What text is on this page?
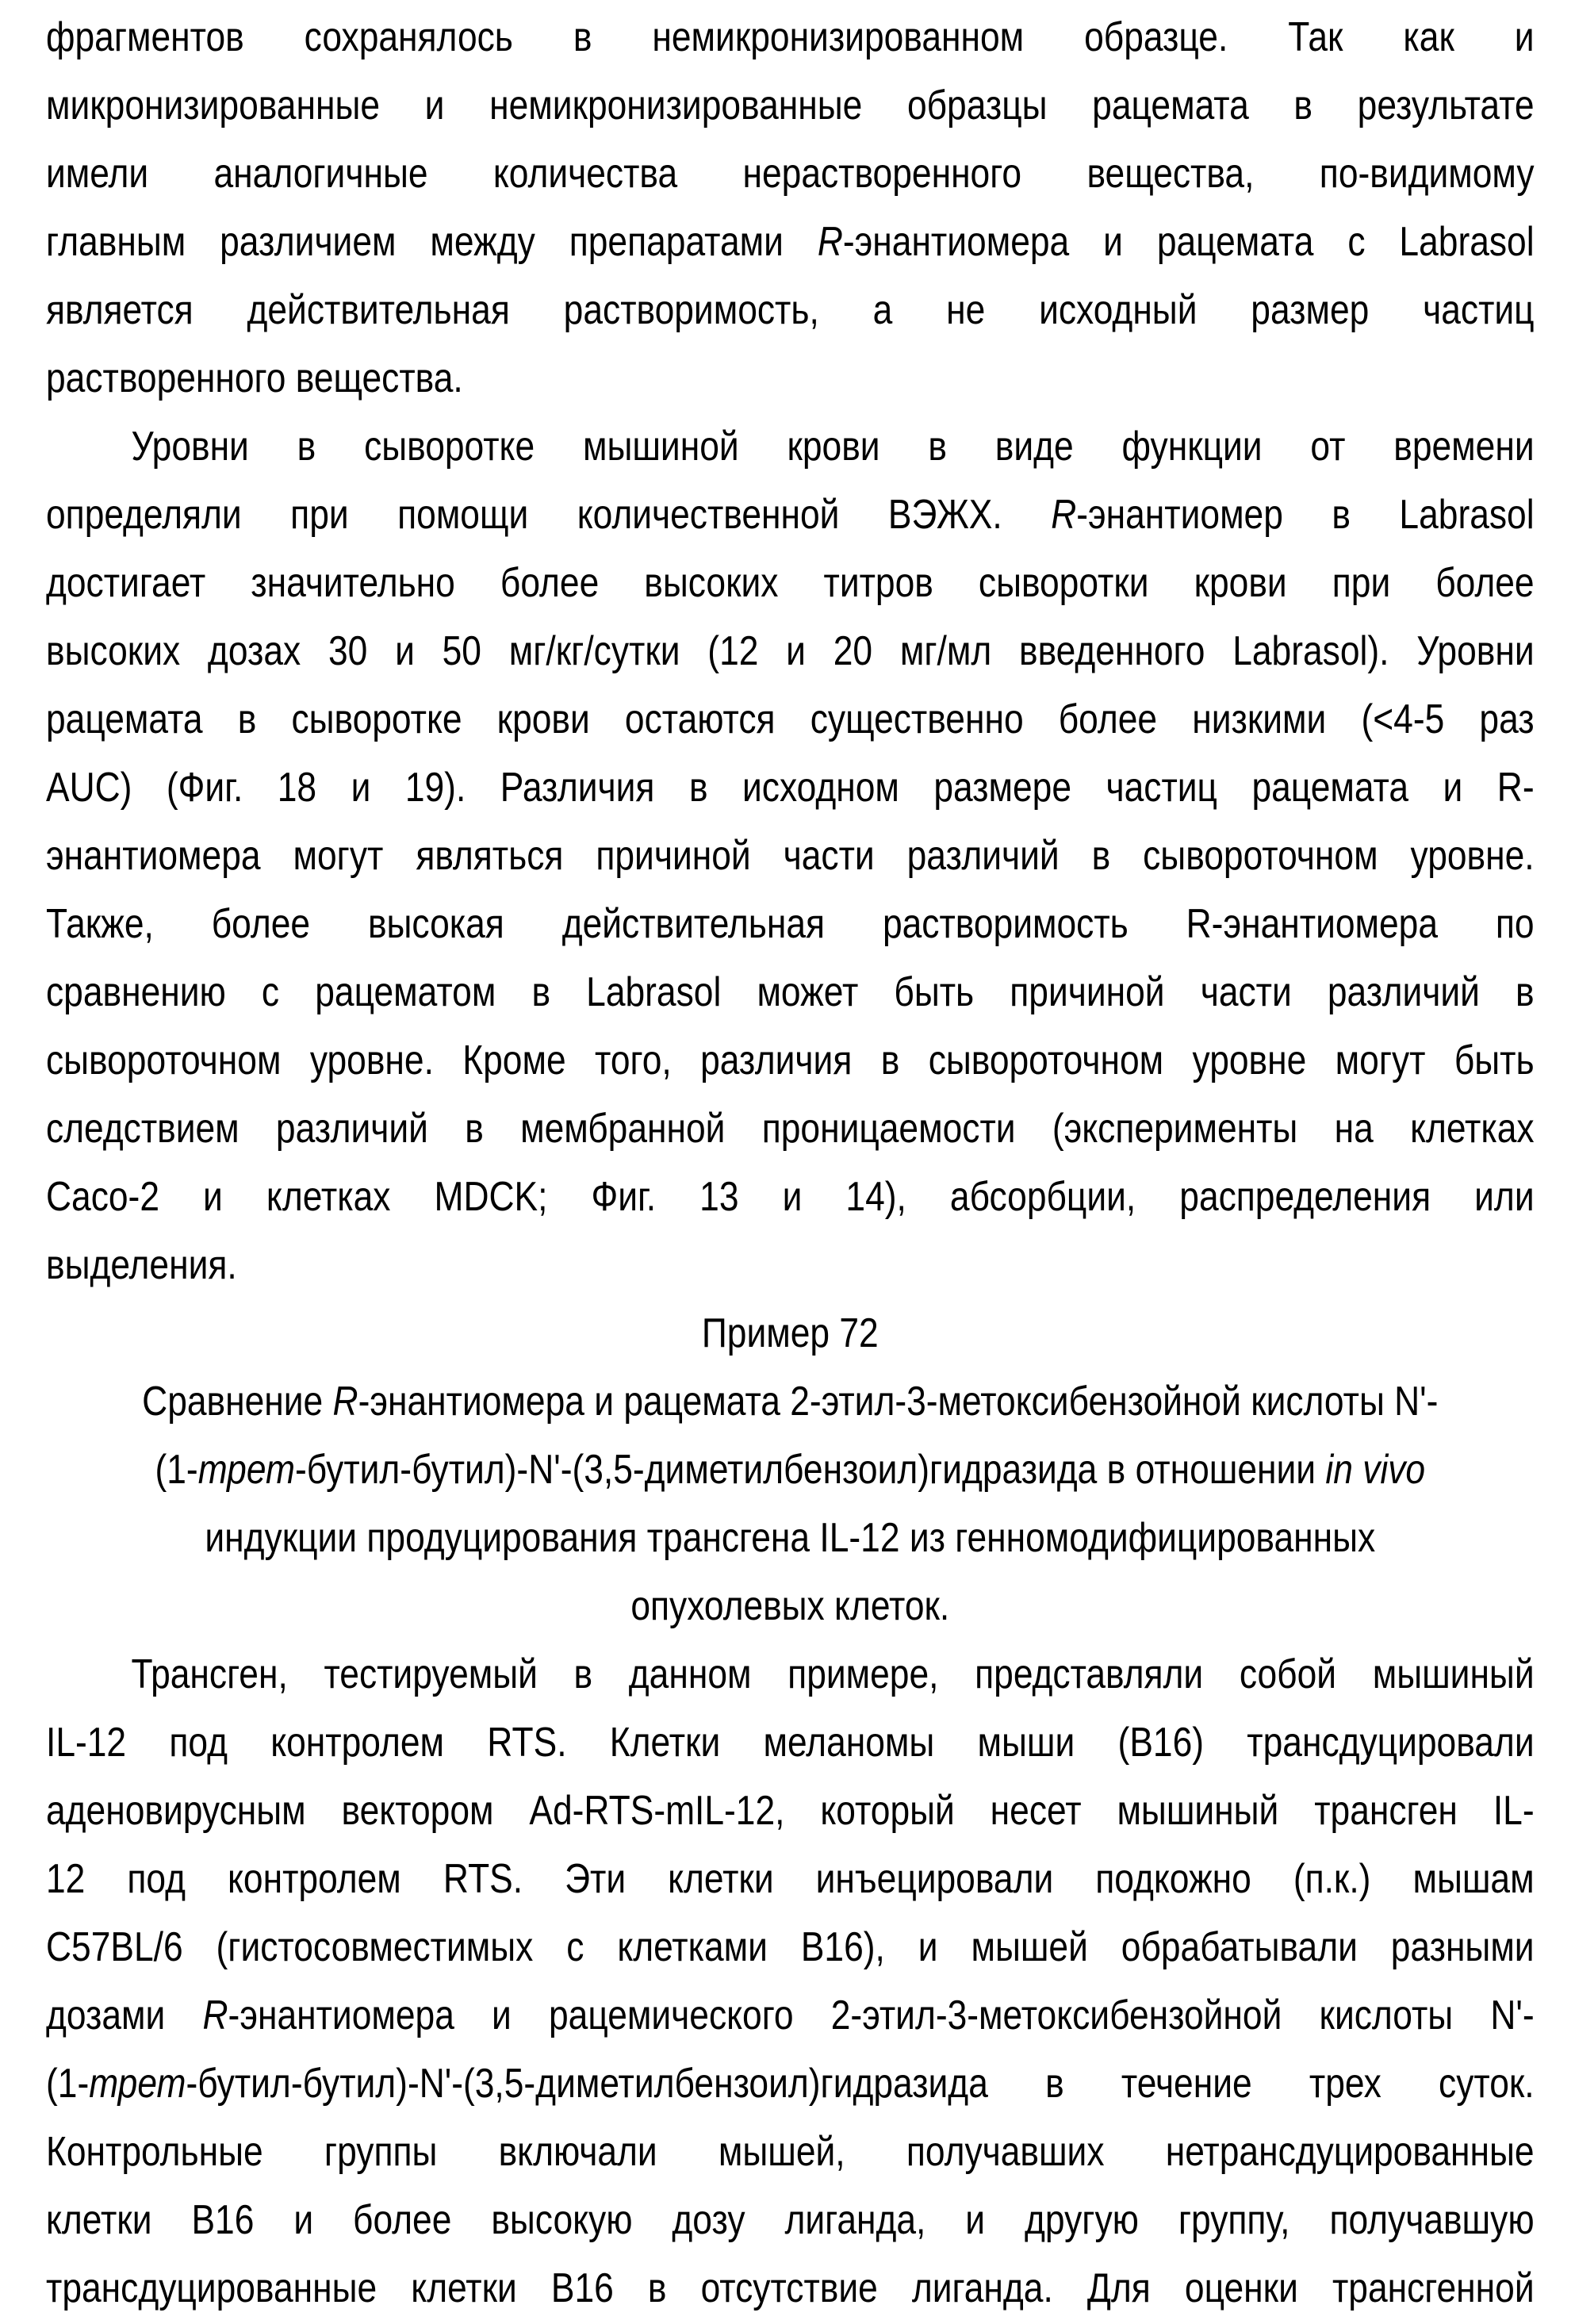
фрагментов сохранялось в немикронизированном образце. Так как и
микронизированные и немикронизированные образцы рацемата в результате
имели аналогичные количества нерастворенного вещества, по-видимому
главным различием между препаратами R-энантиомера и рацемата с Labrasol
является действительная растворимость, а не исходный размер частиц
растворенного вещества.
Уровни в сыворотке мышиной крови в виде функции от времени
определяли при помощи количественной ВЭЖХ. R-энантиомер в Labrasol
достигает значительно более высоких титров сыворотки крови при более
высоких дозах 30 и 50 мг/кг/сутки (12 и 20 мг/мл введенного Labrasol). Уровни
рацемата в сыворотке крови остаются существенно более низкими (<4-5 раз
AUC) (Фиг. 18 и 19). Различия в исходном размере частиц рацемата и R-
энантиомера могут являться причиной части различий в сывороточном уровне.
Также, более высокая действительная растворимость R-энантиомера по
сравнению с рацематом в Labrasol может быть причиной части различий в
сывороточном уровне. Кроме того, различия в сывороточном уровне могут быть
следствием различий в мембранной проницаемости (эксперименты на клетках
Caco-2 и клетках MDCK; Фиг. 13 и 14), абсорбции, распределения или
выделения.
Пример 72
Сравнение R-энантиомера и рацемата 2-этил-3-метоксибензойной кислоты N'-
(1-трет-бутил-бутил)-N'-(3,5-диметилбензоил)гидразида в отношении in vivo
индукции продуцирования трансгена IL-12 из генномодифицированных
опухолевых клеток.
Трансген, тестируемый в данном примере, представляли собой мышиный
IL-12 под контролем RTS. Клетки меланомы мыши (B16) трансдуцировали
аденовирусным вектором Ad-RTS-mIL-12, который несет мышиный трансген IL-
12 под контролем RTS. Эти клетки инъецировали подкожно (п.к.) мышам
C57BL/6 (гистосовместимых с клетками B16), и мышей обрабатывали разными
дозами R-энантиомера и рацемического 2-этил-3-метоксибензойной кислоты N'-
(1-трет-бутил-бутил)-N'-(3,5-диметилбензоил)гидразида в течение трех суток.
Контрольные группы включали мышей, получавших нетрансдуцированные
клетки B16 и более высокую дозу лиганда, и другую группу, получавшую
трансдуцированные клетки B16 в отсутствие лиганда. Для оценки трансгенной
